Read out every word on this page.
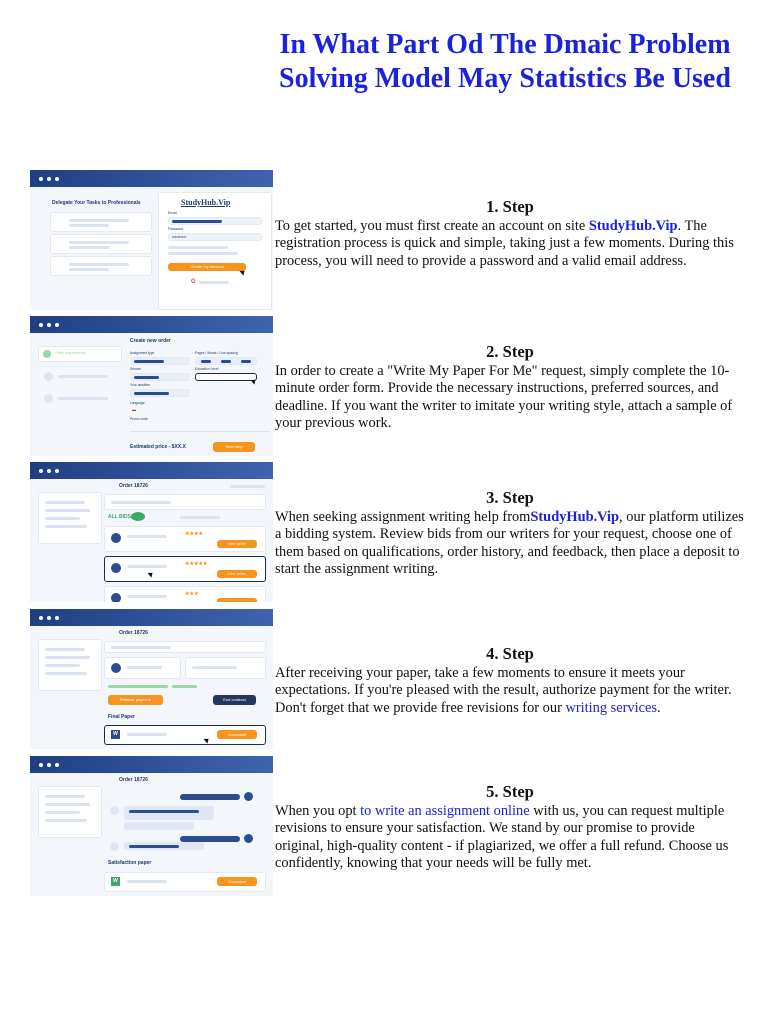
In What Part Od The Dmaic Problem Solving Model May Statistics Be Used
Delegate Your Tasks to Professionals	StudyHub.Vip
Email
Password
••••••••••
Create my account
G
Order requirements
Create new order
Assignment type	Pages / Words / Line spacing
Service	Education Level
Your deadline
Language
▬
Promo code
Estimated price - $XX.X	Next step
Order 18726
ALL BIDS
★★★★
Hire writer
★★★★★
Hire writer
★★★
Order 18726
Release payment	End contract
Final Paper
W	Download
Order 18726
Satisfaction paper
W	Download

1. Step

To get started, you must first create an account on site StudyHub.Vip. The registration process is quick and simple, taking just a few moments. During this process, you will need to provide a password and a valid email address.

2. Step

In order to create a "Write My Paper For Me" request, simply complete the 10-minute order form. Provide the necessary instructions, preferred sources, and deadline. If you want the writer to imitate your writing style, attach a sample of your previous work.

3. Step

When seeking assignment writing help fromStudyHub.Vip, our platform utilizes a bidding system. Review bids from our writers for your request, choose one of them based on qualifications, order history, and feedback, then place a deposit to start the assignment writing.

4. Step

After receiving your paper, take a few moments to ensure it meets your expectations. If you're pleased with the result, authorize payment for the writer. Don't forget that we provide free revisions for our writing services.

5. Step

When you opt to write an assignment online with us, you can request multiple revisions to ensure your satisfaction. We stand by our promise to provide original, high-quality content - if plagiarized, we offer a full refund. Choose us confidently, knowing that your needs will be fully met.
